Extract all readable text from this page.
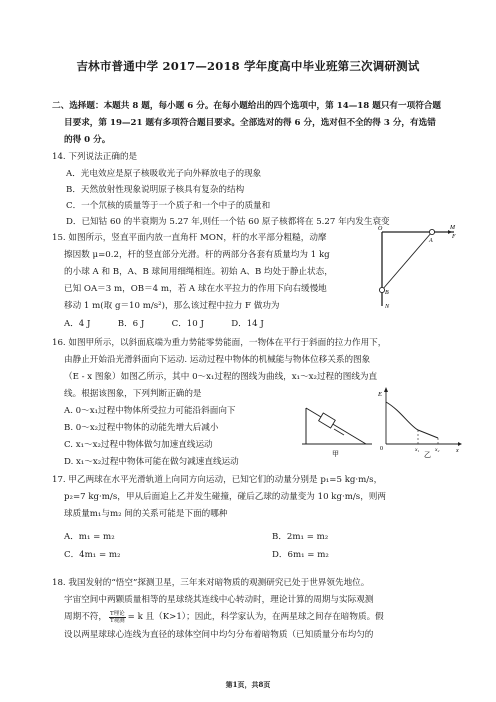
吉林市普通中学 2017—2018 学年度高中毕业班第三次调研测试
二、选择题：本题共 8 题，每小题 6 分。在每小题给出的四个选项中，第 14—18 题只有一项符合题
目要求，第 19—21 题有多项符合题目要求。全部选对的得 6 分，选对但不全的得 3 分，有选错
的得 0 分。
14. 下列说法正确的是
A．光电效应是原子核吸收光子向外释放电子的现象
B．天然放射性现象说明原子核具有复杂的结构
C．一个氘核的质量等于一个质子和一个中子的质量和
D．已知钴 60 的半衰期为 5.27 年,则任一个钴 60 原子核都将在 5.27 年内发生衰变
15. 如图所示，竖直平面内放一直角杆 MON，杆的水平部分粗糙，动摩
擦因数 μ=0.2，杆的竖直部分光滑。杆的两部分各套有质量均为 1 kg
的小球 A 和 B，A、B 球间用细绳相连。初始 A、B 均处于静止状态，
已知 OA＝3 m，OB＝4 m，若 A 球在水平拉力的作用下向右缓慢地
移动 1 m(取 g＝10 m/s²)，那么该过程中拉力 F 做功为
A．4 J          B．6 J          C．10 J          D．14 J
O	M
A
F
B
N
16. 如图甲所示，以斜面底端为重力势能零势能面，一物体在平行于斜面的拉力作用下，
由静止开始沿光滑斜面向下运动. 运动过程中物体的机械能与物体位移关系的图象
（E - x 图象）如图乙所示，其中 0～x₁过程的图线为曲线，x₁～x₂过程的图线为直
线。根据该图象，下列判断正确的是
A. 0～x₁过程中物体所受拉力可能沿斜面向下
B. 0～x₂过程中物体的动能先增大后减小
C. x₁～x₂过程中物体做匀加速直线运动
D. x₁～x₂过程中物体可能在做匀减速直线运动
甲
E
0	x
x₁	x₂
乙
17. 甲乙两球在水平光滑轨道上向同方向运动，已知它们的动量分别是 p₁=5 kg·m/s，
p₂=7 kg·m/s，甲从后面追上乙并发生碰撞，碰后乙球的动量变为 10 kg·m/s，则两
球质量m₁与m₂ 间的关系可能是下面的哪种
A．m₁ = m₂	B．2m₁ = m₂
C．4m₁ = m₂	D．6m₁ = m₂
18. 我国发射的“悟空”探测卫星，三年来对暗物质的观测研究已处于世界领先地位。
宇宙空间中两颗质量相等的星球绕其连线中心转动时，理论计算的周期与实际观测
周期不符， T理论
T观测 = k 且（K>1）；因此，科学家认为，在两星球之间存在暗物质。假
设以两星球球心连线为直径的球体空间中均匀分布着暗物质（已知质量分布均匀的
第1页，共8页
